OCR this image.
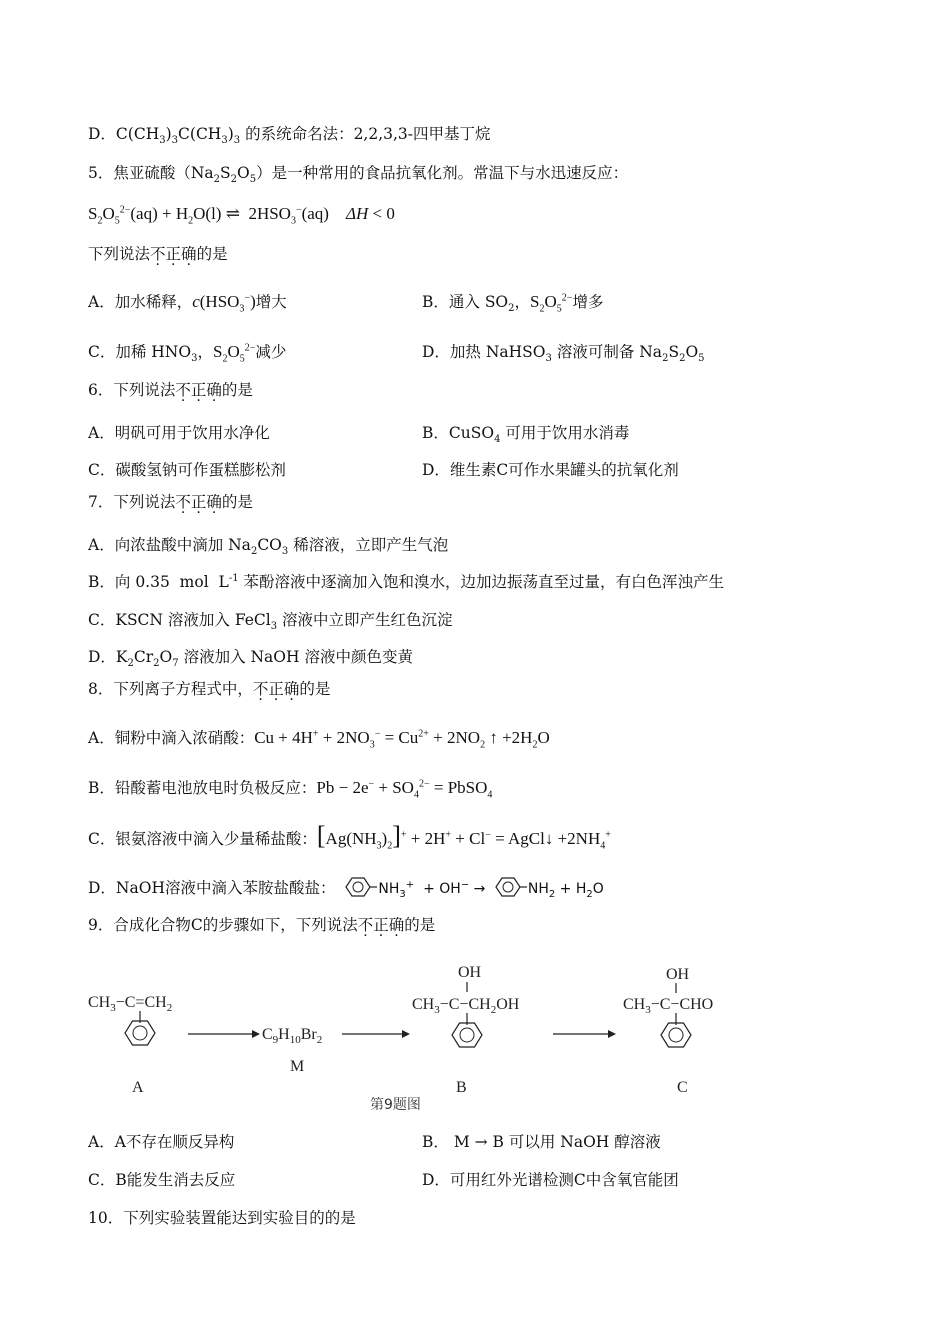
D．$C(CH_3)_3C(CH_3)_3$ 的系统命名法：2,2,3,3-四甲基丁烷
5．焦亚硫酸$(Na_2S_2O_5)$是一种常用的食品抗氧化剂。常温下与水迅速反应：
$S_2O_5^{2-}(aq) + H_2O(l)$ ⇌  $2HSO_3^-(aq)$    ΔH < 0
下列说法不正确的是
A．加水稀释，$c(HSO_3^-)$增大	B．通入 $SO_2$，$S_2O_5^{2-}$增多
C．加稀 $HNO_3$，$S_2O_5^{2-}$减少	D．加热 NaHSO$_3$ 溶液可制备 $Na_2S_2O_5$
6．下列说法不正确的是
A．明矾可用于饮用水净化	B．CuSO$_4$ 可用于饮用水消毒
C．碳酸氢钠可作蛋糕膨松剂	D．维生素C可作水果罐头的抗氧化剂
7．下列说法不正确的是
A．向浓盐酸中滴加 $Na_2CO_3$ 稀溶液，立即产生气泡
B．向 0.35  mol  $L^{-1}$ 苯酚溶液中逐滴加入饱和溴水，边加边振荡直至过量，有白色浑浊产生
C．KSCN 溶液加入 FeCl$_3$ 溶液中立即产生红色沉淀
D．$K_2Cr_2O_7$ 溶液加入 NaOH 溶液中颜色变黄
8．下列离子方程式中，不正确的是
A．铜粉中滴入浓硝酸：$Cu + 4H^+ + 2NO_3^- = Cu^{2+} + 2NO_2$ ↑ $+2H_2O$
B．铅酸蓄电池放电时负极反应：$Pb - 2e^- + SO_4^{2-}$ = PbSO$_4$
C．银氨溶液中滴入少量稀盐酸：$[Ag(NH_3)_2]^+ + 2H^+ + Cl^-$ = AgCl↓ $+2NH_4^+$
D．NaOH溶液中滴入苯胺盐酸盐：	$NH_3^+ + OH^-$ →	$NH_2 + H_2O$
9．合成化合物C的步骤如下，下列说法不正确的是
$CH_3-C=CH_2$
A
$C_9H_{10}Br_2$
M
OH
$CH_3-C-CH_2OH$
B
第9题图
OH
$CH_3-C-CHO$
C
A．A不存在顺反异构	B． M → B 可以用 NaOH 醇溶液
C．B能发生消去反应	D．可用红外光谱检测C中含氧官能团
10．下列实验装置能达到实验目的的是
